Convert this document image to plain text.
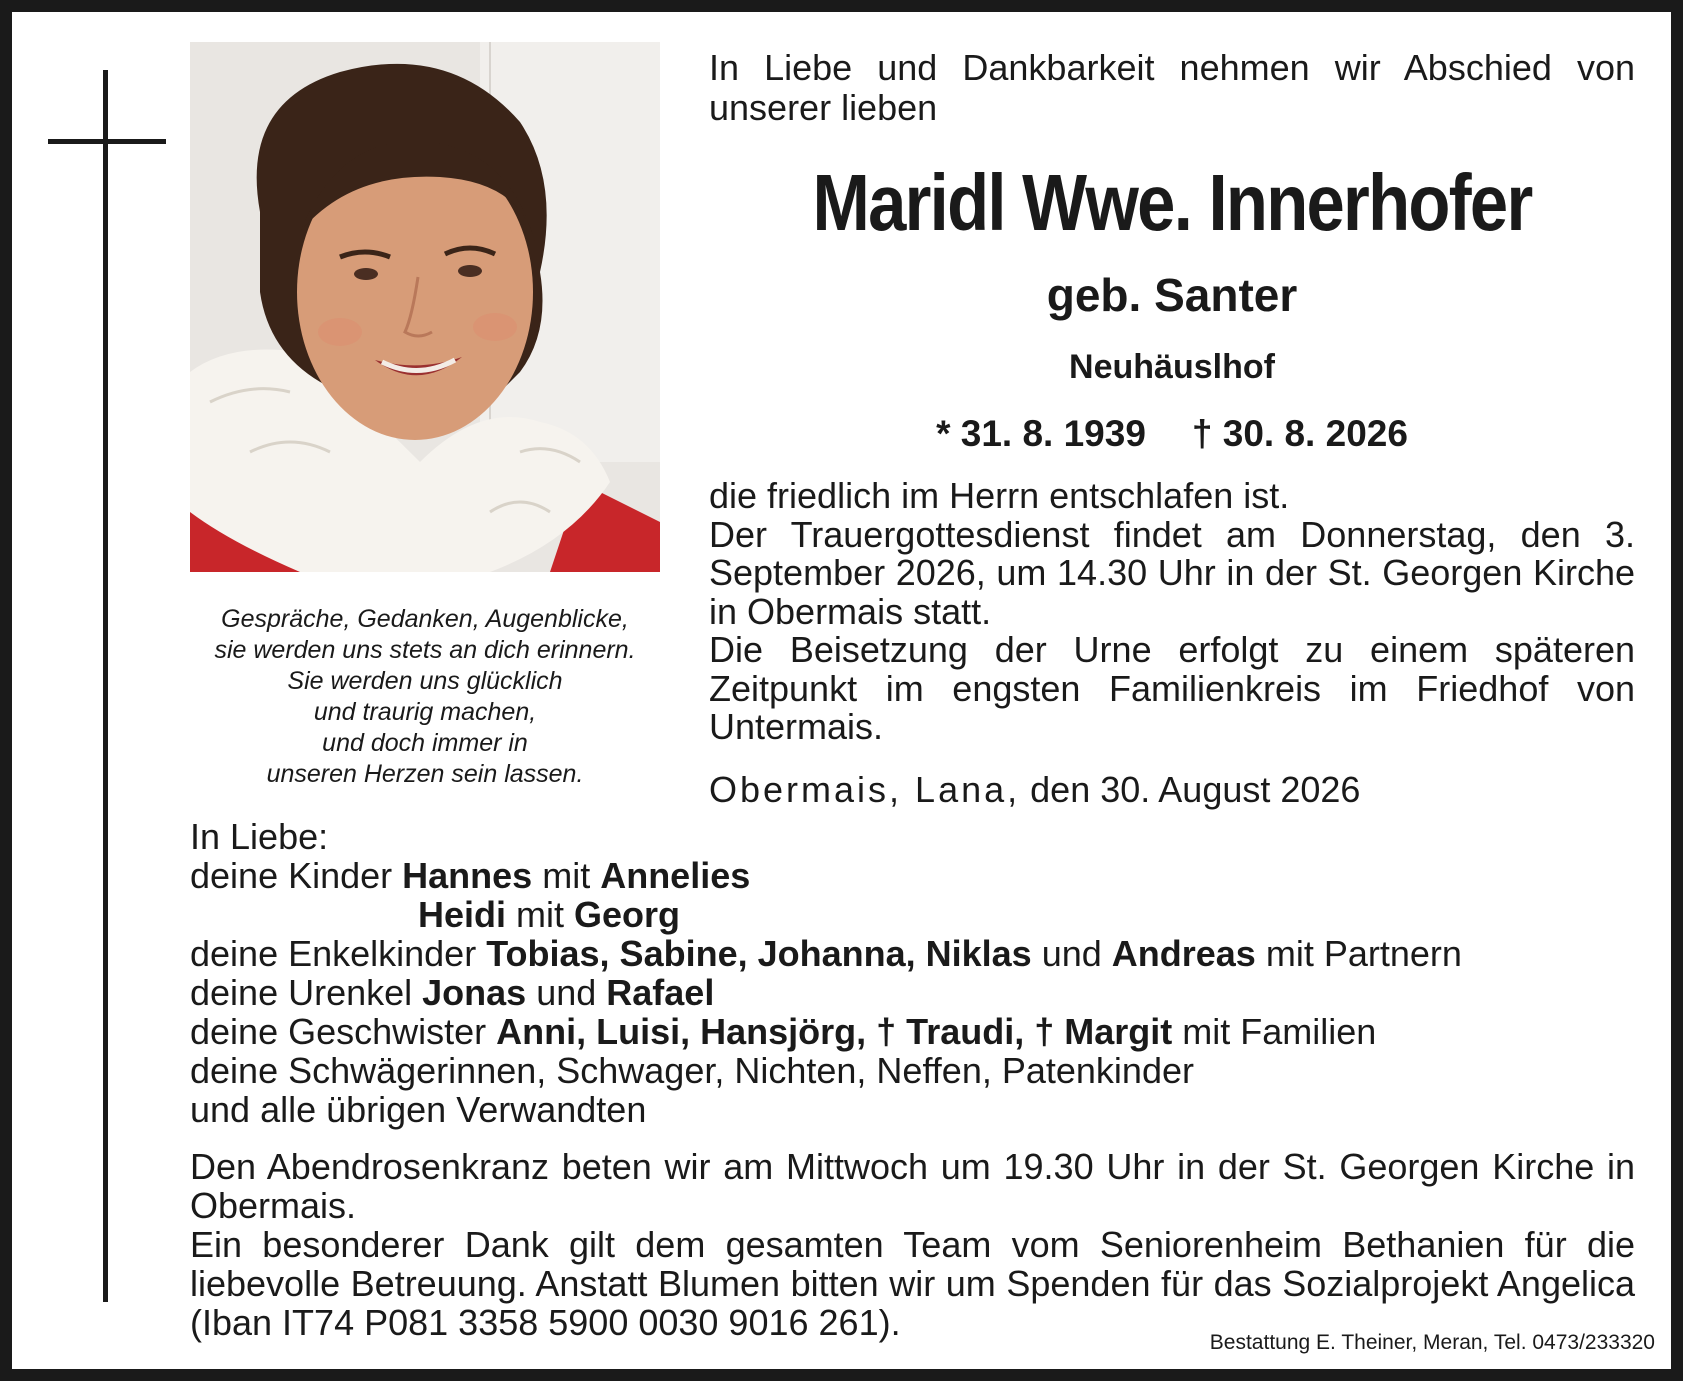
Gespräche, Gedanken, Augenblicke,
sie werden uns stets an dich erinnern.
Sie werden uns glücklich
und traurig machen,
und doch immer in
unseren Herzen sein lassen.
In Liebe und Dankbarkeit nehmen wir Abschied von unserer lieben
Maridl Wwe. Innerhofer
geb. Santer
Neuhäuslhof
* 31. 8. 1939 † 30. 8. 2026

die friedlich im Herrn entschlafen ist.

Der Trauergottesdienst findet am Donnerstag, den 3. September 2026, um 14.30 Uhr in der St. Georgen Kirche in Obermais statt.

Die Beisetzung der Urne erfolgt zu einem späteren Zeitpunkt im engsten Familienkreis im Friedhof von Untermais.

Obermais, Lana, den 30. August 2026
In Liebe:
deine Kinder Hannes mit Annelies
Heidi mit Georg
deine Enkelkinder Tobias, Sabine, Johanna, Niklas und Andreas mit Partnern
deine Urenkel Jonas und Rafael
deine Geschwister Anni, Luisi, Hansjörg, † Traudi, † Margit mit Familien
deine Schwägerinnen, Schwager, Nichten, Neffen, Patenkinder
und alle übrigen Verwandten

Den Abendrosenkranz beten wir am Mittwoch um 19.30 Uhr in der St. Georgen Kirche in Obermais.

Ein besonderer Dank gilt dem gesamten Team vom Seniorenheim Bethanien für die liebevolle Betreuung. Anstatt Blumen bitten wir um Spenden für das Sozialprojekt Angelica (Iban IT74 P081 3358 5900 0030 9016 261).	Bestattung E. Theiner, Meran, Tel. 0473/233320
